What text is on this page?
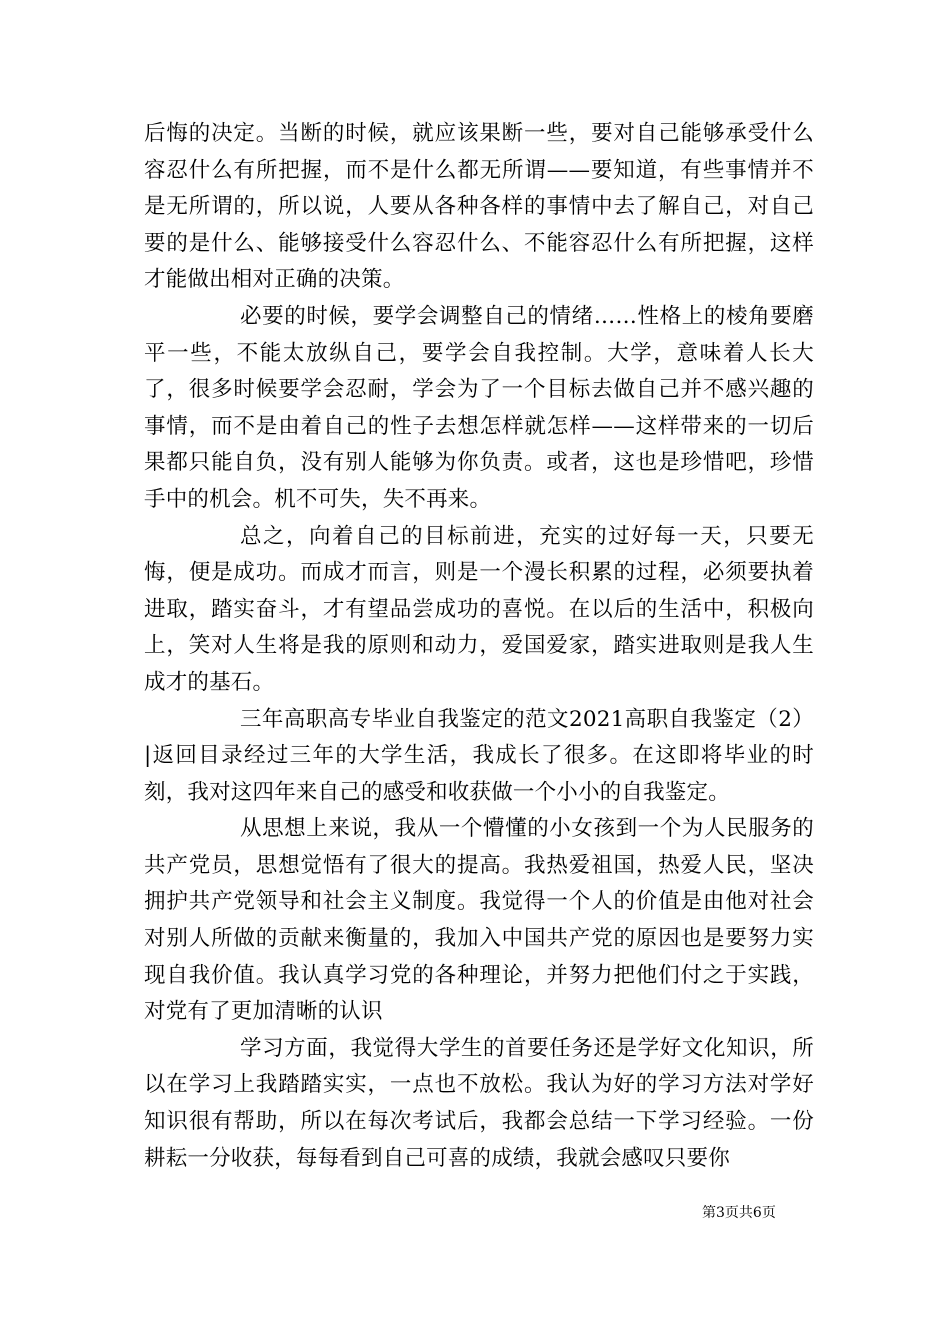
后悔的决定。当断的时候，就应该果断一些，要对自己能够承受什么容忍什么有所把握，而不是什么都无所谓——要知道，有些事情并不是无所谓的，所以说，人要从各种各样的事情中去了解自己，对自己要的是什么、能够接受什么容忍什么、不能容忍什么有所把握，这样才能做出相对正确的决策。

必要的时候，要学会调整自己的情绪……性格上的棱角要磨平一些，不能太放纵自己，要学会自我控制。大学，意味着人长大了，很多时候要学会忍耐，学会为了一个目标去做自己并不感兴趣的事情，而不是由着自己的性子去想怎样就怎样——这样带来的一切后果都只能自负，没有别人能够为你负责。或者，这也是珍惜吧，珍惜手中的机会。机不可失，失不再来。

总之，向着自己的目标前进，充实的过好每一天，只要无悔，便是成功。而成才而言，则是一个漫长积累的过程，必须要执着进取，踏实奋斗，才有望品尝成功的喜悦。在以后的生活中，积极向上，笑对人生将是我的原则和动力，爱国爱家，踏实进取则是我人生成才的基石。

三年高职高专毕业自我鉴定的范文2021高职自我鉴定（2）|返回目录经过三年的大学生活，我成长了很多。在这即将毕业的时刻，我对这四年来自己的感受和收获做一个小小的自我鉴定。

从思想上来说，我从一个懵懂的小女孩到一个为人民服务的共产党员，思想觉悟有了很大的提高。我热爱祖国，热爱人民，坚决拥护共产党领导和社会主义制度。我觉得一个人的价值是由他对社会对别人所做的贡献来衡量的，我加入中国共产党的原因也是要努力实现自我价值。我认真学习党的各种理论，并努力把他们付之于实践，对党有了更加清晰的认识

学习方面，我觉得大学生的首要任务还是学好文化知识，所以在学习上我踏踏实实，一点也不放松。我认为好的学习方法对学好知识很有帮助，所以在每次考试后，我都会总结一下学习经验。一份耕耘一分收获，每每看到自己可喜的成绩，我就会感叹只要你

第3页共6页
